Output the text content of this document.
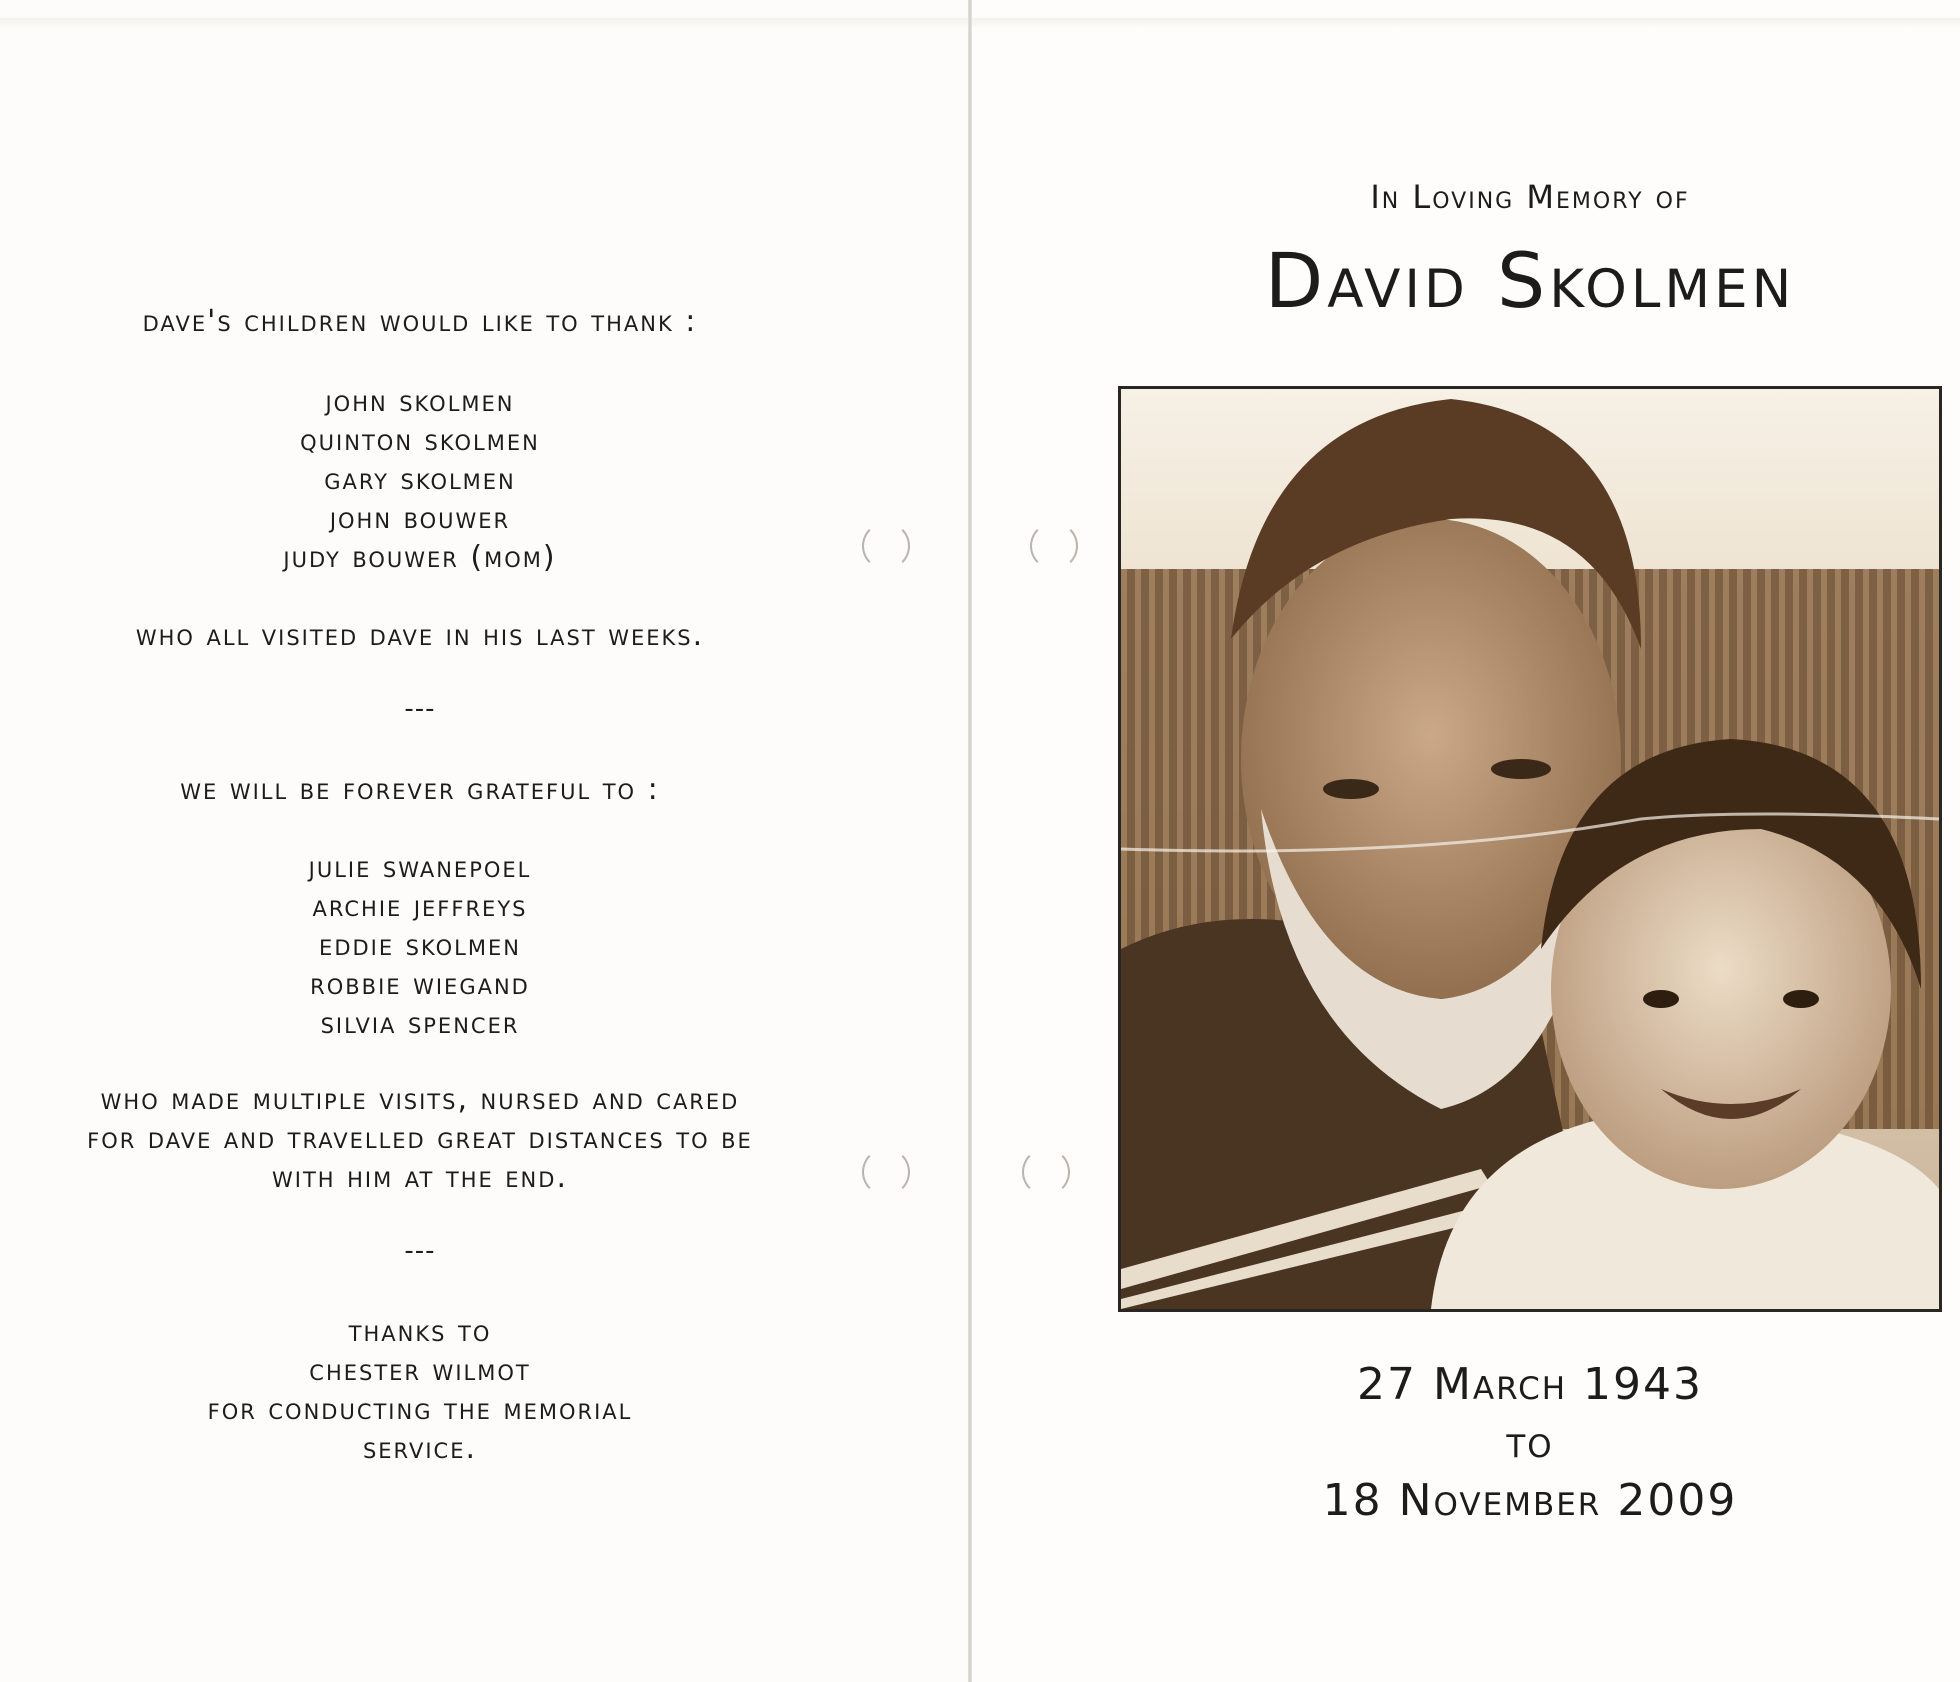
dave's children would like to thank :
john skolmen
quinton skolmen
gary skolmen
john bouwer
judy bouwer (mom)
who all visited dave in his last weeks.
---
we will be forever grateful to :
julie swanepoel
archie jeffreys
eddie skolmen
robbie wiegand
silvia spencer
who made multiple visits, nursed and cared
for dave and travelled great distances to be
with him at the end.
---
thanks to
chester wilmot
for conducting the memorial
service.
In Loving Memory of
David Skolmen
27 March 1943
to
18 November 2009
